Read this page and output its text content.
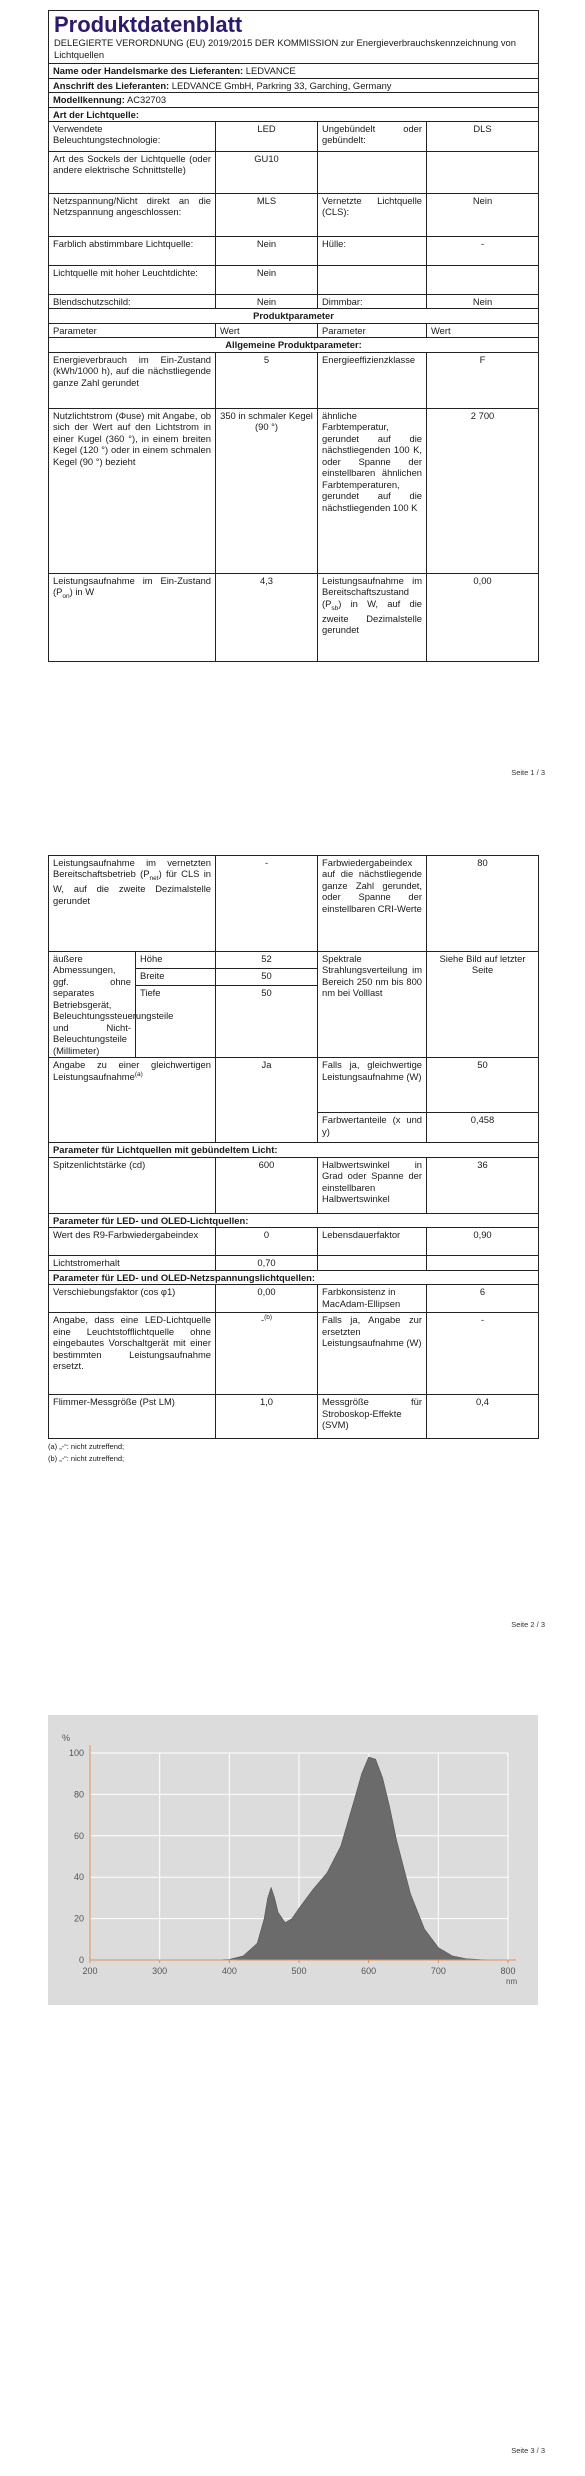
Produktdatenblatt			
DELEGIERTE VERORDNUNG (EU) 2019/2015 DER KOMMISSION zur Energieverbrauchskennzeichnung von Lichtquellen			
Name oder Handelsmarke des Lieferanten: LEDVANCE			
Anschrift des Lieferanten: LEDVANCE GmbH, Parkring 33, Garching, Germany			
Modellkennung: AC32703			
Art der Lichtquelle:			
Verwendete Beleuchtungstechnologie:	LED	Ungebündelt oder gebündelt:	DLS
Art des Sockels der Lichtquelle (oder andere elektrische Schnittstelle)	GU10		
Netzspannung/Nicht direkt an die Netzspannung angeschlossen:	MLS	Vernetzte Lichtquelle (CLS):	Nein
Farblich abstimmbare Lichtquelle:	Nein	Hülle:	-
Lichtquelle mit hoher Leuchtdichte:	Nein		
Blendschutzschild:	Nein	Dimmbar:	Nein
Produktparameter			
Parameter	Wert	Parameter	Wert
Allgemeine Produktparameter:			
Energieverbrauch im Ein-Zustand (kWh/1000 h), auf die nächstliegende ganze Zahl gerundet	5	Energieeffizienzklasse	F
Nutzlichtstrom (Φuse) mit Angabe, ob sich der Wert auf den Lichtstrom in einer Kugel (360 °), in einem breiten Kegel (120 °) oder in einem schmalen Kegel (90 °) bezieht	350 in schmaler Kegel (90 °)	ähnliche Farbtemperatur, gerundet auf die nächstliegenden 100 K, oder Spanne der einstellbaren ähnlichen Farbtemperaturen, gerundet auf die nächstliegenden 100 K	2 700
Leistungsaufnahme im Ein-Zustand $(P_{on})$ in W	4,3	Leistungsaufnahme im Bereitschaftszustand $(P_{sb})$ in W, auf die zweite Dezimalstelle gerundet	0,00
Seite 1 / 3
Leistungsaufnahme im vernetzten Bereitschaftsbetrieb $(P_{net})$ für CLS in W, auf die zweite Dezimalstelle gerundet		-	Farbwiedergabeindex auf die nächstliegende ganze Zahl gerundet, oder Spanne der einstellbaren CRI-Werte	80
äußere Abmessungen, ggf. ohne separates Betriebsgerät, Beleuchtungssteuerungsteile und Nicht-Beleuchtungsteile (Millimeter)	Höhe	52	Spektrale Strahlungsverteilung im Bereich 250 nm bis 800 nm bei Volllast	Siehe Bild auf letzter Seite
	Breite	50		
	Tiefe	50		
Angabe zu einer gleichwertigen Leistungsaufnahme$^{(a)}$		Ja	Falls ja, gleichwertige Leistungsaufnahme (W)	50
			Farbwertanteile (x und y)	0,458
Parameter für Lichtquellen mit gebündeltem Licht:				
Spitzenlichtstärke (cd)		600	Halbwertswinkel in Grad oder Spanne der einstellbaren Halbwertswinkel	36
Parameter für LED- und OLED-Lichtquellen:				
Wert des R9-Farbwiedergabeindex		0	Lebensdauerfaktor	0,90
Lichtstromerhalt		0,70		
Parameter für LED- und OLED-Netzspannungslichtquellen:				
Verschiebungsfaktor (cos φ1)		0,00	Farbkonsistenz in MacAdam-Ellipsen	6
Angabe, dass eine LED-Lichtquelle eine Leuchtstofflichtquelle ohne eingebautes Vorschaltgerät mit einer bestimmten Leistungsaufnahme ersetzt.		-$^{(b)}$	Falls ja, Angabe zur ersetzten Leistungsaufnahme (W)	-
Flimmer-Messgröße (Pst LM)		1,0	Messgröße für Stroboskop-Effekte (SVM)	0,4
(a) „-“: nicht zutreffend;
(b) „-“: nicht zutreffend;
Seite 2 / 3
200	300	400	500	600	700	800
0
20
40
60
80
100
%
nm
Seite 3 / 3
